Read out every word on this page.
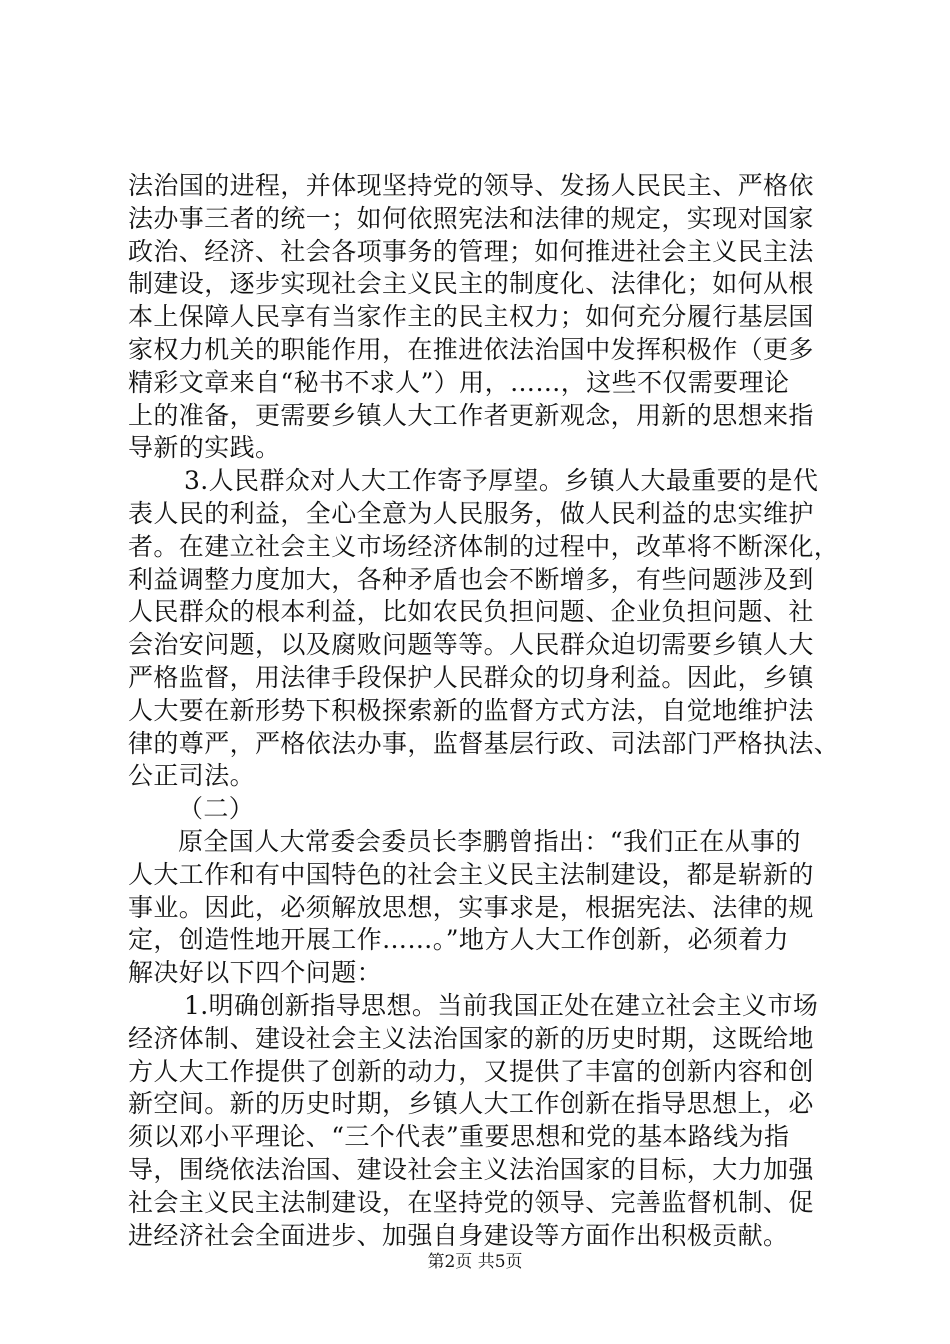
法治国的进程，并体现坚持党的领导、发扬人民民主、严格依
法办事三者的统一；如何依照宪法和法律的规定，实现对国家
政治、经济、社会各项事务的管理；如何推进社会主义民主法
制建设，逐步实现社会主义民主的制度化、法律化；如何从根
本上保障人民享有当家作主的民主权力；如何充分履行基层国
家权力机关的职能作用，在推进依法治国中发挥积极作（更多
精彩文章来自“秘书不求人”）用，……，这些不仅需要理论
上的准备，更需要乡镇人大工作者更新观念，用新的思想来指
导新的实践。
3.人民群众对人大工作寄予厚望。乡镇人大最重要的是代
表人民的利益，全心全意为人民服务，做人民利益的忠实维护
者。在建立社会主义市场经济体制的过程中，改革将不断深化，
利益调整力度加大，各种矛盾也会不断增多，有些问题涉及到
人民群众的根本利益，比如农民负担问题、企业负担问题、社
会治安问题，以及腐败问题等等。人民群众迫切需要乡镇人大
严格监督，用法律手段保护人民群众的切身利益。因此，乡镇
人大要在新形势下积极探索新的监督方式方法，自觉地维护法
律的尊严，严格依法办事，监督基层行政、司法部门严格执法、
公正司法。
（二）
原全国人大常委会委员长李鹏曾指出：“我们正在从事的
人大工作和有中国特色的社会主义民主法制建设，都是崭新的
事业。因此，必须解放思想，实事求是，根据宪法、法律的规
定，创造性地开展工作……。”地方人大工作创新，必须着力
解决好以下四个问题：
1.明确创新指导思想。当前我国正处在建立社会主义市场
经济体制、建设社会主义法治国家的新的历史时期，这既给地
方人大工作提供了创新的动力，又提供了丰富的创新内容和创
新空间。新的历史时期，乡镇人大工作创新在指导思想上，必
须以邓小平理论、“三个代表”重要思想和党的基本路线为指
导，围绕依法治国、建设社会主义法治国家的目标，大力加强
社会主义民主法制建设，在坚持党的领导、完善监督机制、促
进经济社会全面进步、加强自身建设等方面作出积极贡献。
第2页 共5页
